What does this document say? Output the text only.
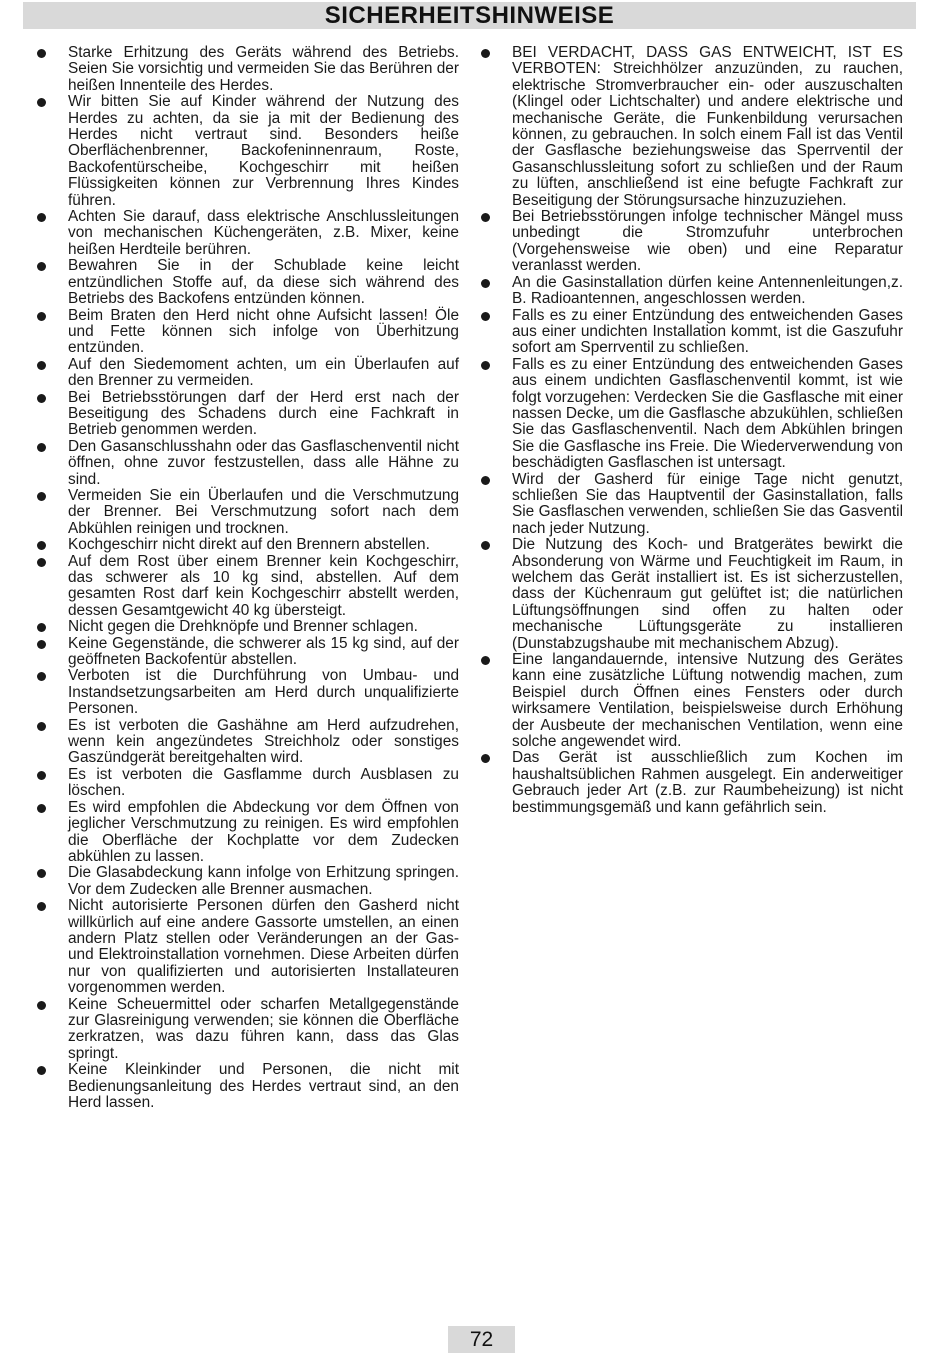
SICHERHEITSHINWEISE
Starke Erhitzung des Geräts während des Betriebs. Seien Sie vorsichtig und vermeiden Sie das Berühren der heißen Innenteile des Herdes.
Wir bitten Sie auf Kinder während der Nutzung des Herdes zu achten, da sie ja mit der Bedienung des Herdes nicht vertraut sind. Besonders heiße Oberflächenbrenner, Backofeninnenraum, Roste, Backofentürscheibe, Kochgeschirr mit heißen Flüssigkeiten können zur Verbrennung Ihres Kindes führen.
Achten Sie darauf, dass elektrische Anschlussleitungen von mechanischen Küchengeräten, z.B. Mixer, keine heißen Herdteile berühren.
Bewahren Sie in der Schublade keine leicht entzündlichen Stoffe auf, da diese sich während des Betriebs des Backofens entzünden können.
Beim Braten den Herd nicht ohne Aufsicht lassen! Öle und Fette können sich infolge von Überhitzung entzünden.
Auf den Siedemoment achten, um ein Überlaufen auf den Brenner zu vermeiden.
Bei Betriebsstörungen darf der Herd erst nach der Beseitigung des Schadens durch eine Fachkraft in Betrieb genommen werden.
Den Gasanschlusshahn oder das Gasflaschenventil nicht öffnen, ohne zuvor festzustellen, dass alle Hähne zu sind.
Vermeiden Sie ein Überlaufen und die Verschmutzung der Brenner. Bei Verschmutzung sofort nach dem Abkühlen reinigen und trocknen.
Kochgeschirr nicht direkt auf den Brennern abstellen.
Auf dem Rost über einem Brenner kein Kochgeschirr, das schwerer als 10 kg sind, abstellen. Auf dem gesamten Rost darf kein Kochgeschirr abstellt werden, dessen Gesamtgewicht 40 kg übersteigt.
Nicht gegen die Drehknöpfe und Brenner schlagen.
Keine Gegenstände, die schwerer als 15 kg sind, auf der geöffneten Backofentür abstellen.
Verboten ist die Durchführung von Umbau- und Instandsetzungsarbeiten am Herd durch unqualifizierte Personen.
Es ist verboten die Gashähne am Herd aufzudrehen, wenn kein angezündetes Streichholz oder sonstiges Gaszündgerät bereitgehalten wird.
Es ist verboten die Gasflamme durch Ausblasen zu löschen.
Es wird empfohlen die Abdeckung vor dem Öffnen von jeglicher Verschmutzung zu reinigen. Es wird empfohlen die Oberfläche der Kochplatte vor dem Zudecken abkühlen zu lassen.
Die Glasabdeckung kann infolge von Erhitzung springen. Vor dem Zudecken alle Brenner ausmachen.
Nicht autorisierte Personen dürfen den Gasherd nicht willkürlich auf eine andere Gassorte umstellen, an einen andern Platz stellen oder Veränderungen an der Gas- und Elektroinstallation vornehmen. Diese Arbeiten dürfen nur von qualifizierten und autorisierten Installateuren vorgenommen werden.
Keine Scheuermittel oder scharfen Metallgegenstände zur Glasreinigung verwenden; sie können die Oberfläche zerkratzen, was dazu führen kann, dass das Glas springt.
Keine Kleinkinder und Personen, die nicht mit Bedienungsanleitung des Herdes vertraut sind, an den Herd lassen.
BEI VERDACHT, DASS GAS ENTWEICHT, IST ES VERBOTEN: Streichhölzer anzuzünden, zu rauchen, elektrische Stromverbraucher ein- oder auszuschalten (Klingel oder Lichtschalter) und andere elektrische und mechanische Geräte, die Funkenbildung verursachen können, zu gebrauchen. In solch einem Fall ist das Ventil der Gasflasche beziehungsweise das Sperrventil der Gasanschlussleitung sofort zu schließen und der Raum zu lüften, anschließend ist eine befugte Fachkraft zur Beseitigung der Störungsursache hinzuzuziehen.
Bei Betriebsstörungen infolge technischer Mängel muss unbedingt die Stromzufuhr unterbrochen (Vorgehensweise wie oben) und eine Reparatur veranlasst werden.
An die Gasinstallation dürfen keine Antennenleitungen,z. B. Radioantennen, angeschlossen werden.
Falls es zu einer Entzündung des entweichenden Gases aus einer undichten Installation kommt, ist die Gaszufuhr sofort am Sperrventil zu schließen.
Falls es zu einer Entzündung des entweichenden Gases aus einem undichten Gasflaschenventil kommt, ist wie folgt vorzugehen: Verdecken Sie die Gasflasche mit einer nassen Decke, um die Gasflasche abzukühlen, schließen Sie das Gasflaschenventil. Nach dem Abkühlen bringen Sie die Gasflasche ins Freie. Die Wiederverwendung von beschädigten Gasflaschen ist untersagt.
Wird der Gasherd für einige Tage nicht genutzt, schließen Sie das Hauptventil der Gasinstallation, falls Sie Gasflaschen verwenden, schließen Sie das Gasventil nach jeder Nutzung.
Die Nutzung des Koch- und Bratgerätes bewirkt die Absonderung von Wärme und Feuchtigkeit im Raum, in welchem das Gerät installiert ist. Es ist sicherzustellen, dass der Küchenraum gut gelüftet ist; die natürlichen Lüftungsöffnungen sind offen zu halten oder mechanische Lüftungsgeräte zu installieren (Dunstabzugshaube mit mechanischem Abzug).
Eine langandauernde, intensive Nutzung des Gerätes kann eine zusätzliche Lüftung notwendig machen, zum Beispiel durch Öffnen eines Fensters oder durch wirksamere Ventilation, beispielsweise durch Erhöhung der Ausbeute der mechanischen Ventilation, wenn eine solche angewendet wird.
Das Gerät ist ausschließlich zum Kochen im haushaltsüblichen Rahmen ausgelegt. Ein anderweitiger Gebrauch jeder Art (z.B. zur Raumbeheizung) ist nicht bestimmungsgemäß und kann gefährlich sein.
72
